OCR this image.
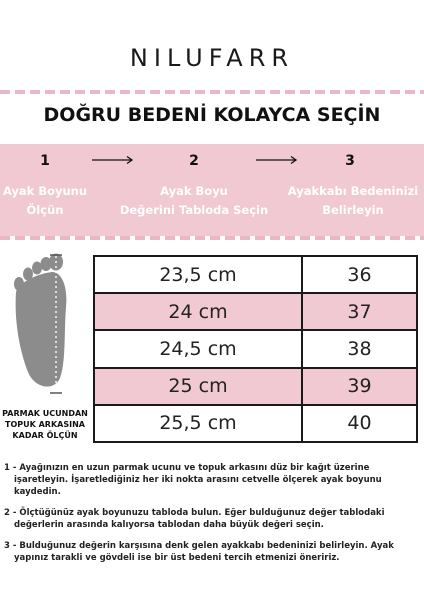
NILUFARR
DOĞRU BEDENİ KOLAYCA SEÇİN
1	2	3
Ayak Boyunu
Ölçün
Ayak Boyu
Değerini Tabloda Seçin
Ayakkabı Bedeninizi
Belirleyin
PARMAK UCUNDAN
TOPUK ARKASINA
KADAR ÖLÇÜN
23,5 cm	36
24 cm	37
24,5 cm	38
25 cm	39
25,5 cm	40

1 - Ayağınızın en uzun parmak ucunu ve topuk arkasını düz bir kağıt üzerine işaretleyin. İşaretlediğiniz her iki nokta arasını cetvelle ölçerek ayak boyunu kaydedin.

2 - Ölçtüğünüz ayak boyunuzu tabloda bulun. Eğer bulduğunuz değer tablodaki değerlerin arasında kalıyorsa tablodan daha büyük değeri seçin.

3 - Bulduğunuz değerin karşısına denk gelen ayakkabı bedeninizi belirleyin. Ayak yapınız tarakli ve gövdeli ise bir üst bedeni tercih etmenizi öneririz.
